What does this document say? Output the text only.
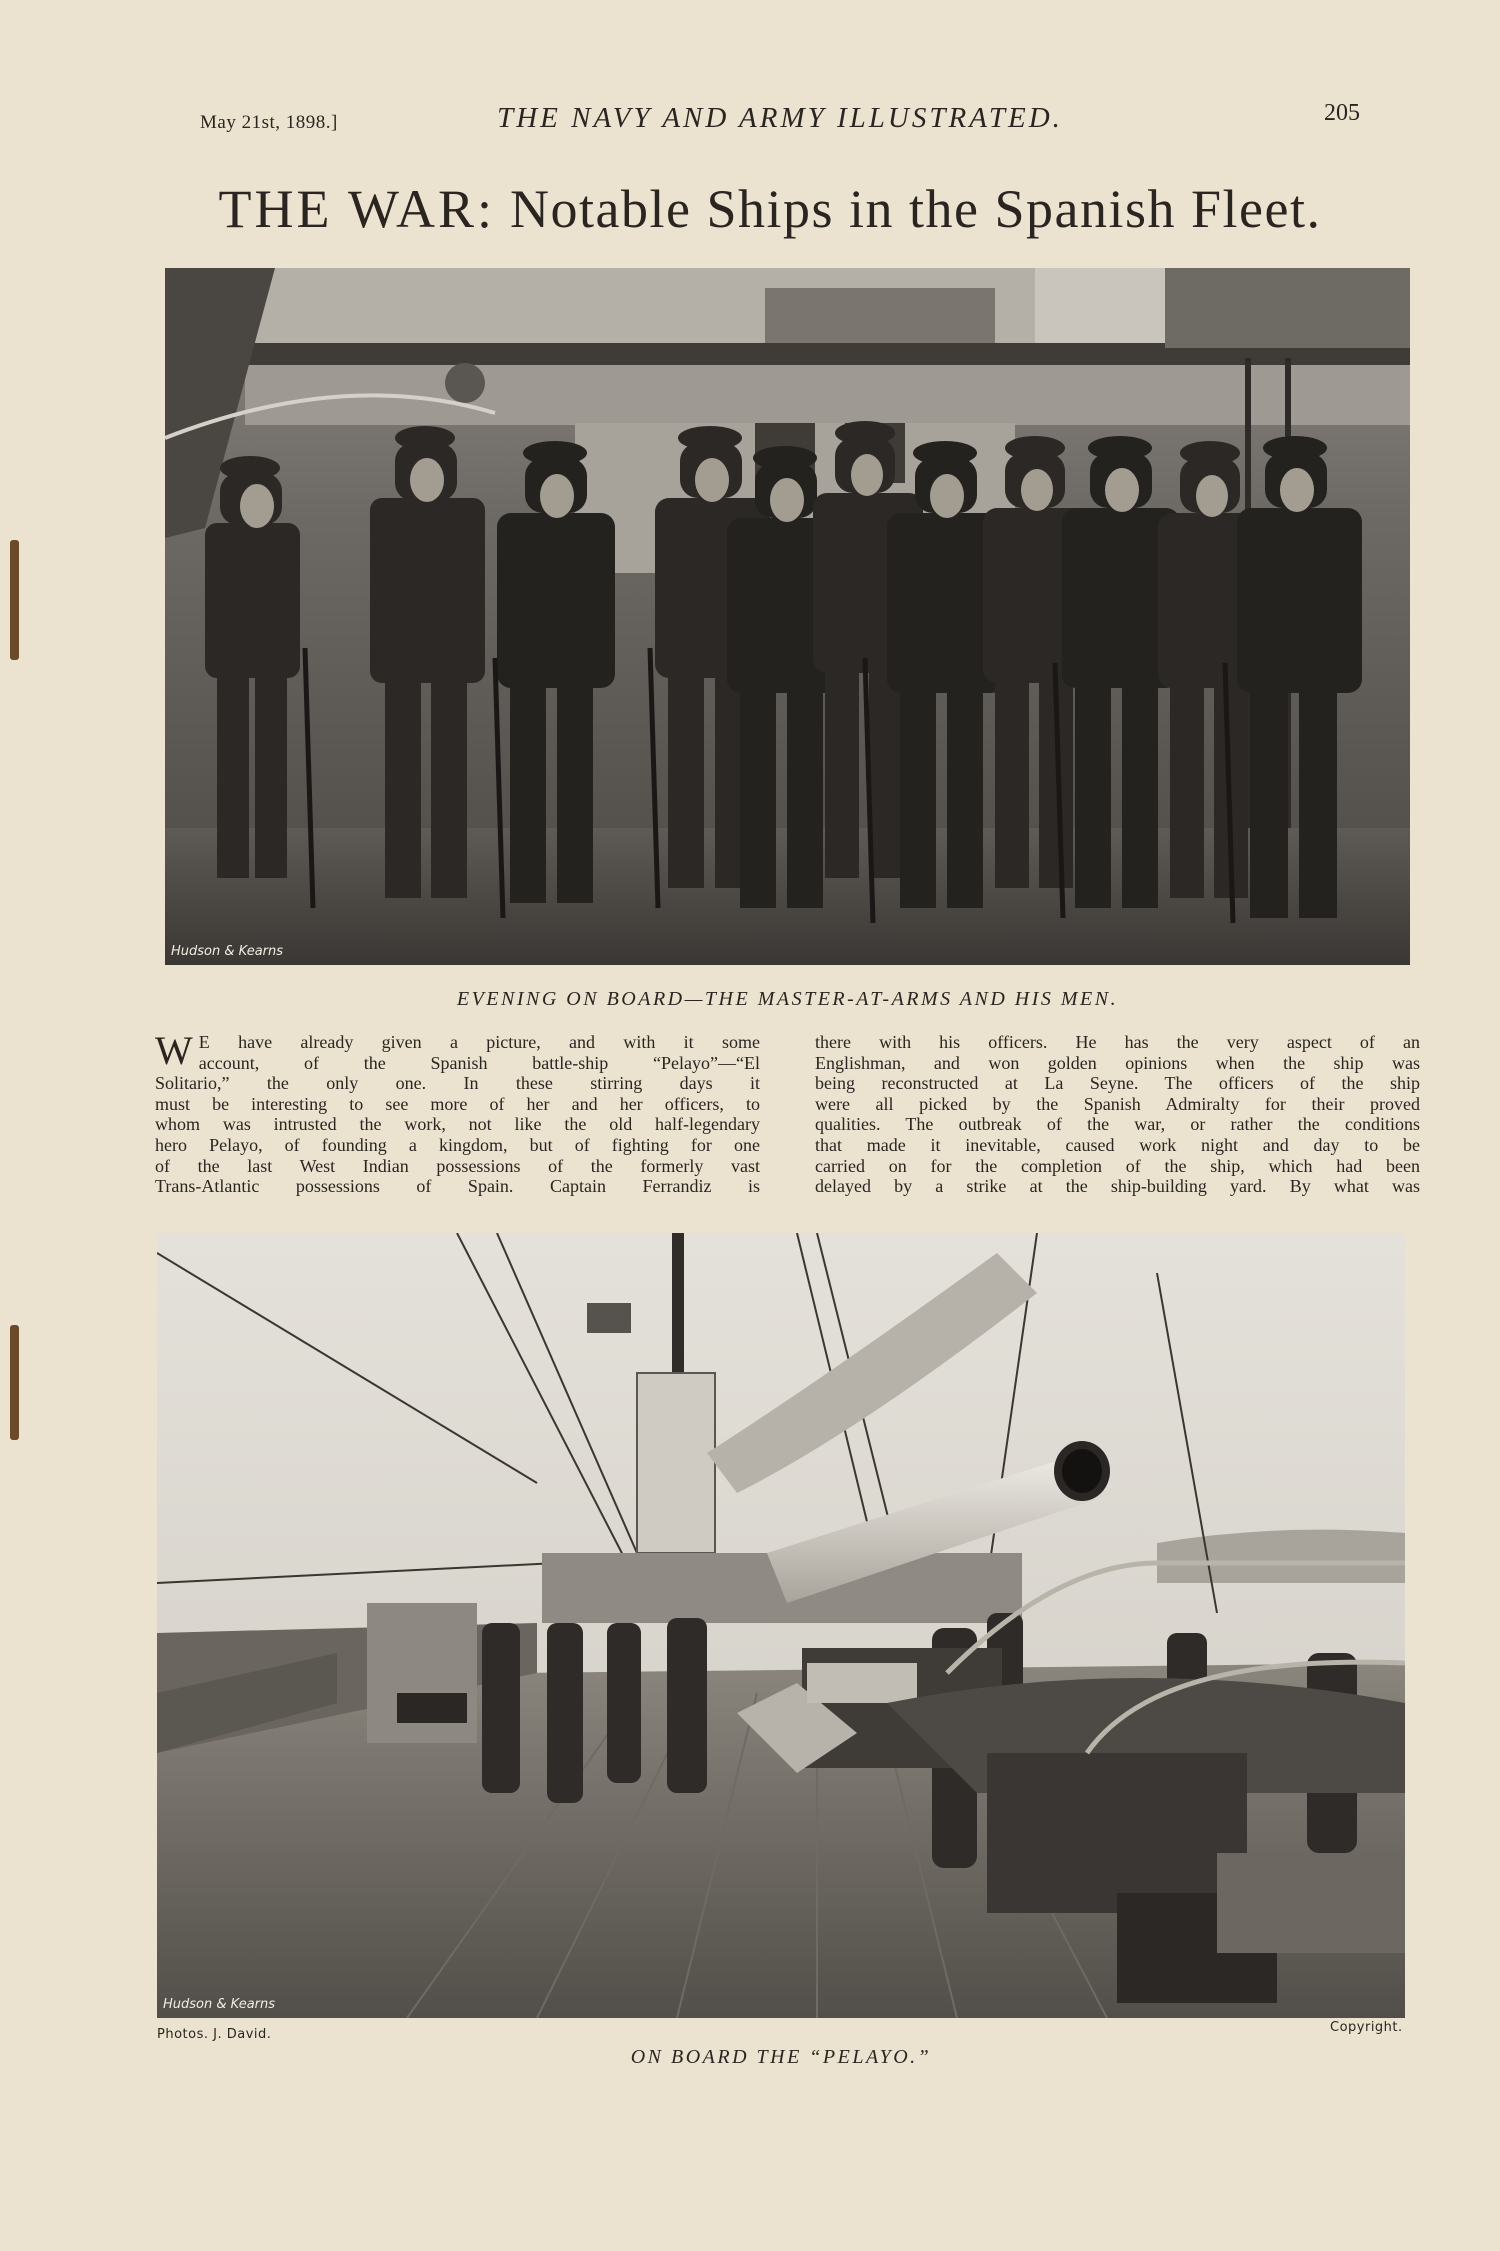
May 21st, 1898.]	THE NAVY AND ARMY ILLUSTRATED.	205
THE WAR: Notable Ships in the Spanish Fleet.
Hudson & Kearns
EVENING ON BOARD—THE MASTER-AT-ARMS AND HIS MEN.
W E have already given a picture, and with it some
account, of the Spanish battle-ship “Pelayo”—“El
Solitario,” the only one. In these stirring days it
must be interesting to see more of her and her officers, to
whom was intrusted the work, not like the old half-legendary
hero Pelayo, of founding a kingdom, but of fighting for one
of the last West Indian possessions of the formerly vast
Trans-Atlantic possessions of Spain. Captain Ferrandiz is
there with his officers. He has the very aspect of an
Englishman, and won golden opinions when the ship was
being reconstructed at La Seyne. The officers of the ship
were all picked by the Spanish Admiralty for their proved
qualities. The outbreak of the war, or rather the conditions
that made it inevitable, caused work night and day to be
carried on for the completion of the ship, which had been
delayed by a strike at the ship-building yard. By what was
Hudson & Kearns
Photos. J. David.	Copyright.
ON BOARD THE “PELAYO.”
